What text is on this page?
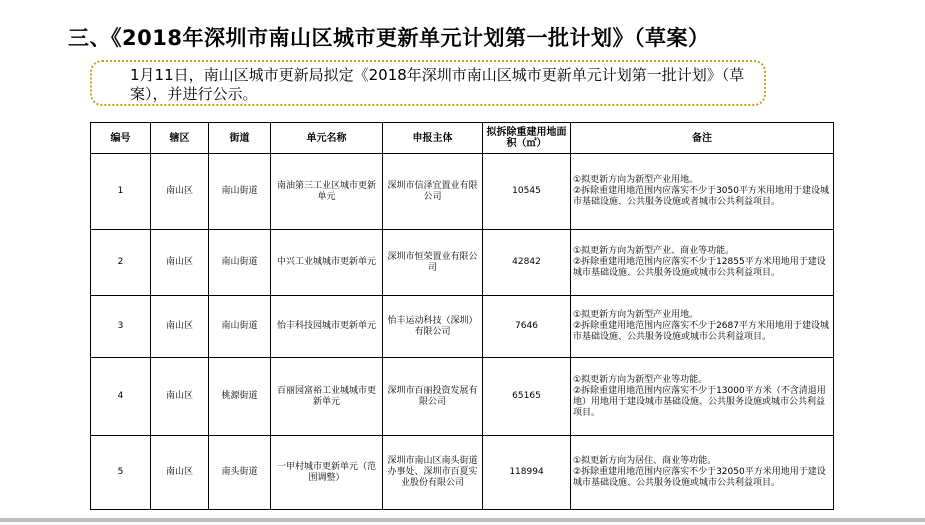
三、《2018年深圳市南山区城市更新单元计划第一批计划》（草案）
1月11日，南山区城市更新局拟定《2018年深圳市南山区城市更新单元计划第一批计划》（草案），并进行公示。
编号	辖区	街道	单元名称	申报主体	拟拆除重建用地面积（㎡）	备注
1	南山区	南山街道	南油第三工业区城市更新单元	深圳市信泽宜置业有限公司	10545	①拟更新方向为新型产业用地。
②拆除重建用地范围内应落实不少于3050平方米用地用于建设城市基础设施、公共服务设施或者城市公共利益项目。
2	南山区	南山街道	中兴工业城城市更新单元	深圳市恒荣置业有限公司	42842	①拟更新方向为新型产业、商业等功能。
②拆除重建用地范围内应落实不少于12855平方米用地用于建设城市基础设施、公共服务设施或城市公共利益项目。
3	南山区	南山街道	怡丰科技园城市更新单元	怡丰运动科技（深圳）有限公司	7646	①拟更新方向为新型产业用地。
②拆除重建用地范围内应落实不少于2687平方米用地用于建设城市基础设施、公共服务设施或城市公共利益项目。
4	南山区	桃源街道	百丽园富裕工业城城市更新单元	深圳市百丽投资发展有限公司	65165	①拟更新方向为新型产业等功能。
②拆除重建用地范围内应落实不少于13000平方米（不含清退用地）用地用于建设城市基础设施、公共服务设施或城市公共利益项目。
5	南山区	南头街道	一甲村城市更新单元（范围调整）	深圳市南山区南头街道办事处、深圳市百夏实业股份有限公司	118994	①拟更新方向为居住、商业等功能。
②拆除重建用地范围内应落实不少于32050平方米用地用于建设城市基础设施、公共服务设施或城市公共利益项目。
